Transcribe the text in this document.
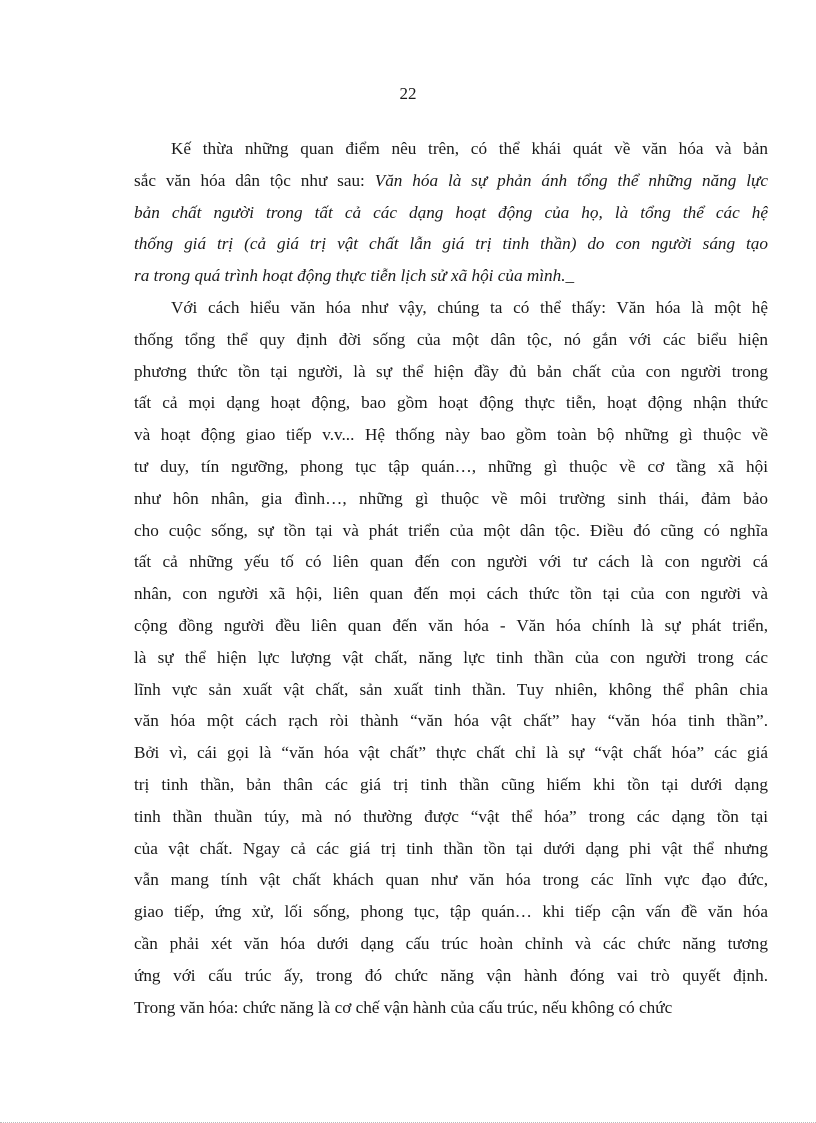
22
Kế thừa những quan điểm nêu trên, có thể khái quát về văn hóa và bản
sắc văn hóa dân tộc như sau: Văn hóa là sự phản ánh tổng thể những năng lực
bản chất người trong tất cả các dạng hoạt động của họ, là tổng thể các hệ
thống giá trị (cả giá trị vật chất lẫn giá trị tinh thần) do con người sáng tạo
ra trong quá trình hoạt động thực tiễn lịch sử xã hội của mình._
Với cách hiểu văn hóa như vậy, chúng ta có thể thấy: Văn hóa là một hệ
thống tổng thể quy định đời sống của một dân tộc, nó gắn với các biểu hiện
phương thức tồn tại người, là sự thể hiện đầy đủ bản chất của con người trong
tất cả mọi dạng hoạt động, bao gồm hoạt động thực tiễn, hoạt động nhận thức
và hoạt động giao tiếp v.v... Hệ thống này bao gồm toàn bộ những gì thuộc về
tư duy, tín ngưỡng, phong tục tập quán…, những gì thuộc về cơ tầng xã hội
như hôn nhân, gia đình…, những gì thuộc về môi trường sinh thái, đảm bảo
cho cuộc sống, sự tồn tại và phát triển của một dân tộc. Điều đó cũng có nghĩa
tất cả những yếu tố có liên quan đến con người với tư cách là con người cá
nhân, con người xã hội, liên quan đến mọi cách thức tồn tại của con người và
cộng đồng người đều liên quan đến văn hóa - Văn hóa chính là sự phát triển,
là sự thể hiện lực lượng vật chất, năng lực tinh thần của con người trong các
lĩnh vực sản xuất vật chất, sản xuất tinh thần. Tuy nhiên, không thể phân chia
văn hóa một cách rạch ròi thành “văn hóa vật chất” hay “văn hóa tinh thần”.
Bởi vì, cái gọi là “văn hóa vật chất” thực chất chỉ là sự “vật chất hóa” các giá
trị tinh thần, bản thân các giá trị tinh thần cũng hiếm khi tồn tại dưới dạng
tinh thần thuần túy, mà nó thường được “vật thể hóa” trong các dạng tồn tại
của vật chất. Ngay cả các giá trị tinh thần tồn tại dưới dạng phi vật thể nhưng
vẫn mang tính vật chất khách quan như văn hóa trong các lĩnh vực đạo đức,
giao tiếp, ứng xử, lối sống, phong tục, tập quán… khi tiếp cận vấn đề văn hóa
cần phải xét văn hóa dưới dạng cấu trúc hoàn chỉnh và các chức năng tương
ứng với cấu trúc ấy, trong đó chức năng vận hành đóng vai trò quyết định.
Trong văn hóa: chức năng là cơ chế vận hành của cấu trúc, nếu không có chức
